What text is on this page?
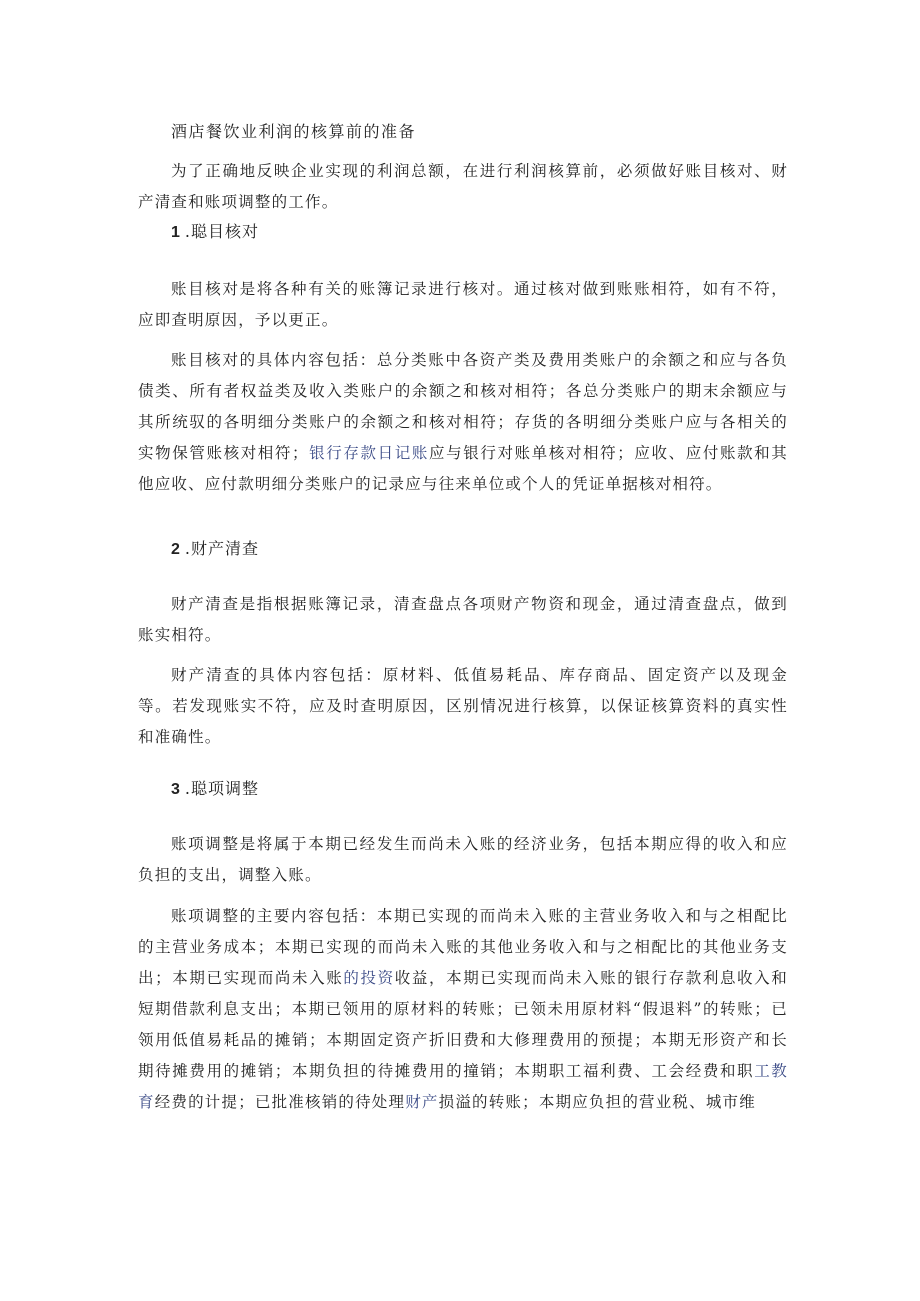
酒店餐饮业利润的核算前的准备

为了正确地反映企业实现的利润总额，在进行利润核算前，必须做好账目核对、财产清查和账项调整的工作。

1 .聪目核对

账目核对是将各种有关的账簿记录进行核对。通过核对做到账账相符，如有不符，应即查明原因，予以更正。

账目核对的具体内容包括：总分类账中各资产类及费用类账户的余额之和应与各负债类、所有者权益类及收入类账户的余额之和核对相符；各总分类账户的期末余额应与其所统驭的各明细分类账户的余额之和核对相符；存货的各明细分类账户应与各相关的实物保管账核对相符；银行存款日记账应与银行对账单核对相符；应收、应付账款和其他应收、应付款明细分类账户的记录应与往来单位或个人的凭证单据核对相符。

2 .财产清查

财产清查是指根据账簿记录，清查盘点各项财产物资和现金，通过清查盘点，做到账实相符。

财产清查的具体内容包括：原材料、低值易耗品、库存商品、固定资产以及现金等。若发现账实不符，应及时查明原因，区别情况进行核算，以保证核算资料的真实性和准确性。

3 .聪项调整

账项调整是将属于本期已经发生而尚未入账的经济业务，包括本期应得的收入和应负担的支出，调整入账。

账项调整的主要内容包括：本期已实现的而尚未入账的主营业务收入和与之相配比的主营业务成本；本期已实现的而尚未入账的其他业务收入和与之相配比的其他业务支出；本期已实现而尚未入账的投资收益，本期已实现而尚未入账的银行存款利息收入和短期借款利息支出；本期已领用的原材料的转账；已领未用原材料“假退料”的转账；已领用低值易耗品的摊销；本期固定资产折旧费和大修理费用的预提；本期无形资产和长期待摊费用的摊销；本期负担的待摊费用的撞销；本期职工福利费、工会经费和职工教育经费的计提；已批准核销的待处理财产损溢的转账；本期应负担的营业税、城市维
